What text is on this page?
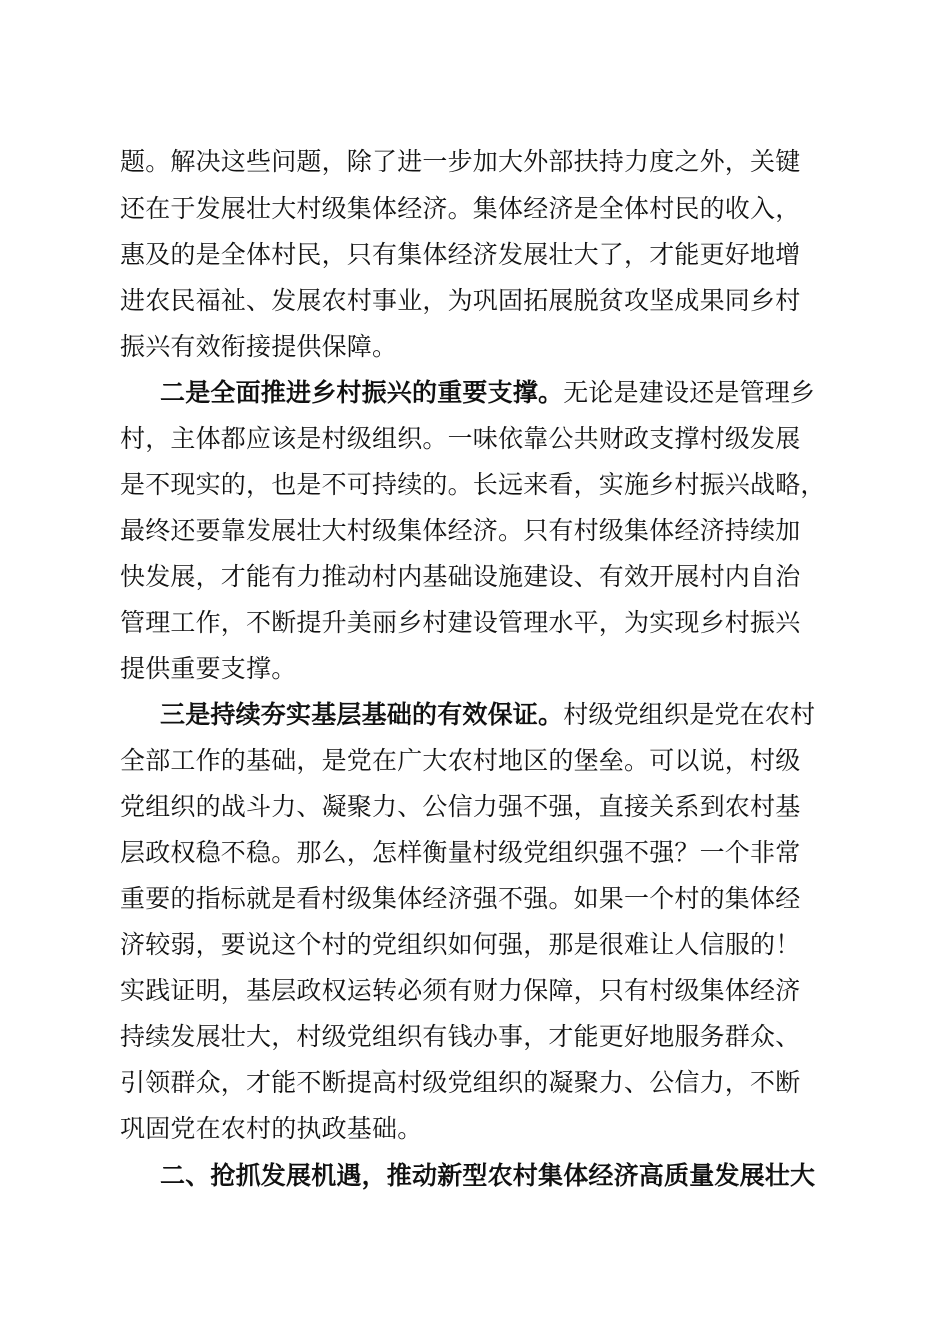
题。解决这些问题，除了进一步加大外部扶持力度之外，关键
还在于发展壮大村级集体经济。集体经济是全体村民的收入，
惠及的是全体村民，只有集体经济发展壮大了，才能更好地增
进农民福祉、发展农村事业，为巩固拓展脱贫攻坚成果同乡村
振兴有效衔接提供保障。
二是全面推进乡村振兴的重要支撑。无论是建设还是管理乡
村，主体都应该是村级组织。一味依靠公共财政支撑村级发展
是不现实的，也是不可持续的。长远来看，实施乡村振兴战略，
最终还要靠发展壮大村级集体经济。只有村级集体经济持续加
快发展，才能有力推动村内基础设施建设、有效开展村内自治
管理工作，不断提升美丽乡村建设管理水平，为实现乡村振兴
提供重要支撑。
三是持续夯实基层基础的有效保证。村级党组织是党在农村
全部工作的基础，是党在广大农村地区的堡垒。可以说，村级
党组织的战斗力、凝聚力、公信力强不强，直接关系到农村基
层政权稳不稳。那么，怎样衡量村级党组织强不强？一个非常
重要的指标就是看村级集体经济强不强。如果一个村的集体经
济较弱，要说这个村的党组织如何强，那是很难让人信服的！
实践证明，基层政权运转必须有财力保障，只有村级集体经济
持续发展壮大，村级党组织有钱办事，才能更好地服务群众、
引领群众，才能不断提高村级党组织的凝聚力、公信力，不断
巩固党在农村的执政基础。
二、抢抓发展机遇，推动新型农村集体经济高质量发展壮大
